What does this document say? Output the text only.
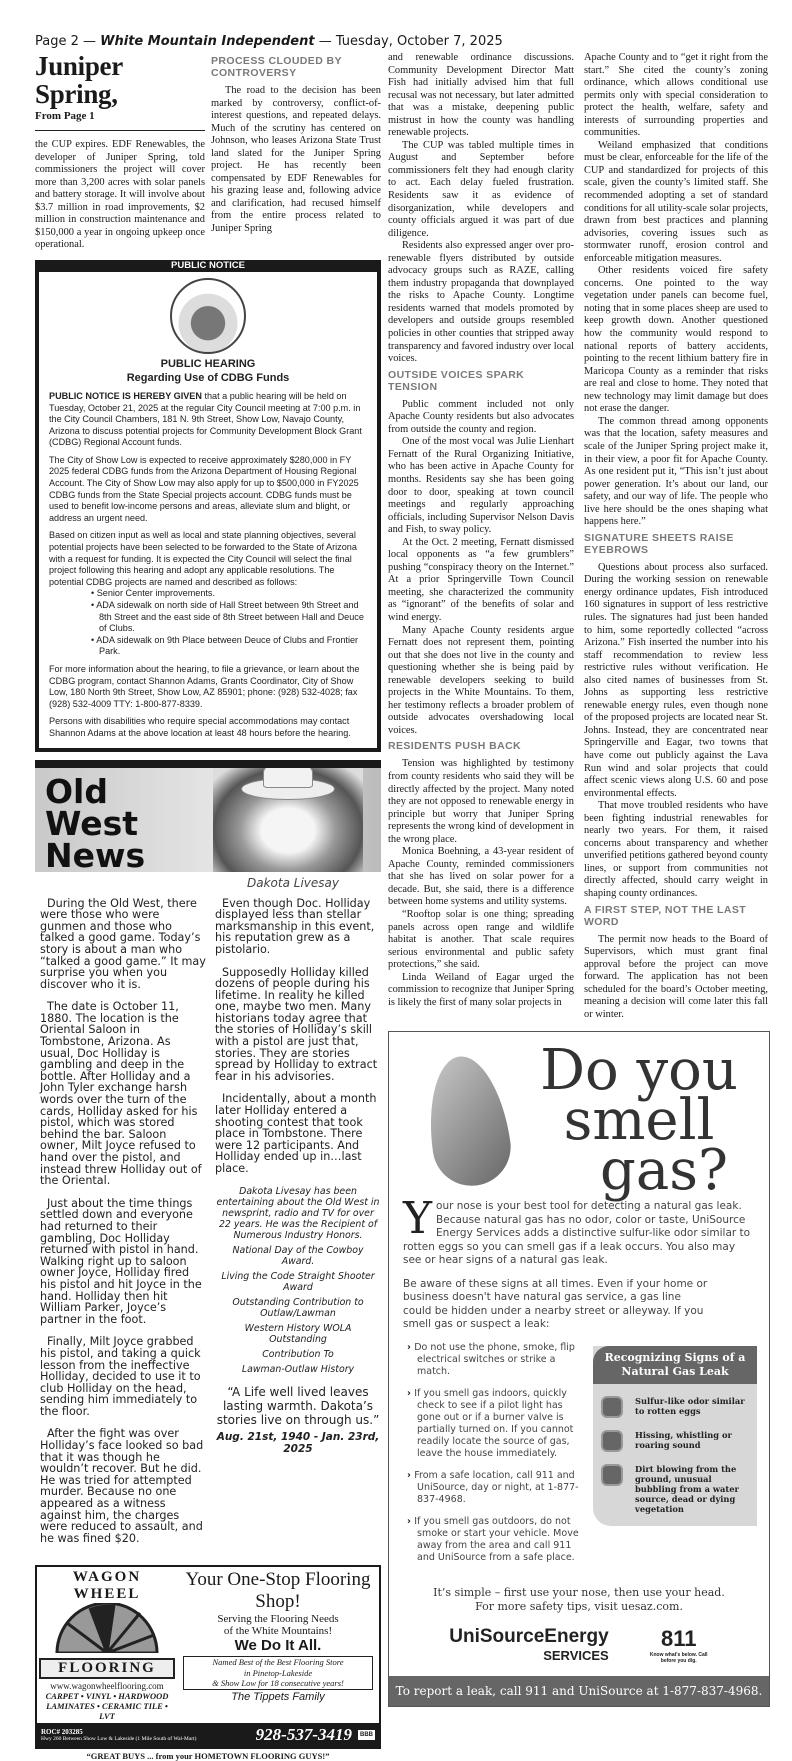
Page 2 — White Mountain Independent — Tuesday, October 7, 2025
Juniper Spring,
From Page 1

the CUP expires. EDF Renewables, the developer of Juniper Spring, told commissioners the project will cover more than 3,200 acres with solar panels and battery storage. It will involve about $3.7 million in road improvements, $2 million in construction maintenance and $150,000 a year in ongoing upkeep once operational.

PROCESS CLOUDED BY CONTROVERSY

The road to the decision has been marked by controversy, conflict-of-interest questions, and repeated delays. Much of the scrutiny has centered on Johnson, who leases Arizona State Trust land slated for the Juniper Spring project. He has recently been compensated by EDF Renewables for his grazing lease and, following advice and clarification, had recused himself from the entire process related to Juniper Spring

PUBLIC NOTICE
PUBLIC HEARING
Regarding Use of CDBG Funds

PUBLIC NOTICE IS HEREBY GIVEN that a public hearing will be held on Tuesday, October 21, 2025 at the regular City Council meeting at 7:00 p.m. in the City Council Chambers, 181 N. 9th Street, Show Low, Navajo County, Arizona to discuss potential projects for Community Development Block Grant (CDBG) Regional Account funds.

The City of Show Low is expected to receive approximately $280,000 in FY 2025 federal CDBG funds from the Arizona Department of Housing Regional Account. The City of Show Low may also apply for up to $500,000 in FY2025 CDBG funds from the State Special projects account. CDBG funds must be used to benefit low-income persons and areas, alleviate slum and blight, or address an urgent need.

Based on citizen input as well as local and state planning objectives, several potential projects have been selected to be forwarded to the State of Arizona with a request for funding. It is expected the City Council will select the final project following this hearing and adopt any applicable resolutions. The potential CDBG projects are named and described as follows:

• Senior Center improvements.
• ADA sidewalk on north side of Hall Street between 9th Street and 8th Street and the east side of 8th Street between Hall and Deuce of Clubs.
• ADA sidewalk on 9th Place between Deuce of Clubs and Frontier Park.

For more information about the hearing, to file a grievance, or learn about the CDBG program, contact Shannon Adams, Grants Coordinator, City of Show Low, 180 North 9th Street, Show Low, AZ 85901; phone: (928) 532-4028; fax (928) 532-4009 TTY: 1-800-877-8339.

Persons with disabilities who require special accommodations may contact Shannon Adams at the above location at least 48 hours before the hearing.

Old
West
News
Dakota Livesay

During the Old West, there were those who were gunmen and those who talked a good game. Today’s story is about a man who “talked a good game.” It may surprise you when you discover who it is.

The date is October 11, 1880. The location is the Oriental Saloon in Tombstone, Arizona. As usual, Doc Holliday is gambling and deep in the bottle. After Holliday and a John Tyler exchange harsh words over the turn of the cards, Holliday asked for his pistol, which was stored behind the bar. Saloon owner, Milt Joyce refused to hand over the pistol, and instead threw Holliday out of the Oriental.

Just about the time things settled down and everyone had returned to their gambling, Doc Holliday returned with pistol in hand. Walking right up to saloon owner Joyce, Holliday fired his pistol and hit Joyce in the hand. Holliday then hit William Parker, Joyce’s partner in the foot.

Finally, Milt Joyce grabbed his pistol, and taking a quick lesson from the ineffective Holliday, decided to use it to club Holliday on the head, sending him immediately to the floor.

After the fight was over Holliday’s face looked so bad that it was though he wouldn’t recover. But he did. He was tried for attempted murder. Because no one appeared as a witness against him, the charges were reduced to assault, and he was fined $20.

Even though Doc. Holliday displayed less than stellar marksmanship in this event, his reputation grew as a pistolario.

Supposedly Holliday killed dozens of people during his lifetime. In reality he killed one, maybe two men. Many historians today agree that the stories of Holliday’s skill with a pistol are just that, stories. They are stories spread by Holliday to extract fear in his advisories.

Incidentally, about a month later Holliday entered a shooting contest that took place in Tombstone. There were 12 participants. And Holliday ended up in…last place.

Dakota Livesay has been entertaining about the Old West in newsprint, radio and TV for over 22 years. He was the Recipient of Numerous Industry Honors.

National Day of the Cowboy Award.

Living the Code Straight Shooter Award

Outstanding Contribution to Outlaw/Lawman

Western History WOLA Outstanding

Contribution To

Lawman-Outlaw History

“A Life well lived leaves lasting warmth. Dakota’s stories live on through us.”
Aug. 21st, 1940 - Jan. 23rd, 2025
WAGON WHEEL
FLOORING
www.wagonwheelflooring.com
CARPET • VINYL • HARDWOOD
LAMINATES • CERAMIC TILE • LVT
Your One-Stop Flooring Shop!
Serving the Flooring Needs
of the White Mountains!
We Do It All.
Named Best of the Best Flooring Store
in Pinetop-Lakeside
& Show Low for 18 consecutive years!
The Tippets Family
ROC# 203285
Hwy 260 Between Show Low & Lakeside (1 Mile South of Wal-Mart)	928-537-3419	BBB
“GREAT BUYS ... from your HOMETOWN FLOORING GUYS!”

and renewable ordinance discussions. Community Development Director Matt Fish had initially advised him that full recusal was not necessary, but later admitted that was a mistake, deepening public mistrust in how the county was handling renewable projects.

The CUP was tabled multiple times in August and September before commissioners felt they had enough clarity to act. Each delay fueled frustration. Residents saw it as evidence of disorganization, while developers and county officials argued it was part of due diligence.

Residents also expressed anger over pro-renewable flyers distributed by outside advocacy groups such as RAZE, calling them industry propaganda that downplayed the risks to Apache County. Longtime residents warned that models promoted by developers and outside groups resembled policies in other counties that stripped away transparency and favored industry over local voices.

OUTSIDE VOICES SPARK TENSION

Public comment included not only Apache County residents but also advocates from outside the county and region.

One of the most vocal was Julie Lienhart Fernatt of the Rural Organizing Initiative, who has been active in Apache County for months. Residents say she has been going door to door, speaking at town council meetings and regularly approaching officials, including Supervisor Nelson Davis and Fish, to sway policy.

At the Oct. 2 meeting, Fernatt dismissed local opponents as “a few grumblers” pushing “conspiracy theory on the Internet.” At a prior Springerville Town Council meeting, she characterized the community as “ignorant” of the benefits of solar and wind energy.

Many Apache County residents argue Fernatt does not represent them, pointing out that she does not live in the county and questioning whether she is being paid by renewable developers seeking to build projects in the White Mountains. To them, her testimony reflects a broader problem of outside advocates overshadowing local voices.

RESIDENTS PUSH BACK

Tension was highlighted by testimony from county residents who said they will be directly affected by the project. Many noted they are not opposed to renewable energy in principle but worry that Juniper Spring represents the wrong kind of development in the wrong place.

Monica Boehning, a 43-year resident of Apache County, reminded commissioners that she has lived on solar power for a decade. But, she said, there is a difference between home systems and utility systems.

“Rooftop solar is one thing; spreading panels across open range and wildlife habitat is another. That scale requires serious environmental and public safety protections,” she said.

Linda Weiland of Eagar urged the commission to recognize that Juniper Spring is likely the first of many solar projects in

Apache County and to “get it right from the start.” She cited the county’s zoning ordinance, which allows conditional use permits only with special consideration to protect the health, welfare, safety and interests of surrounding properties and communities.

Weiland emphasized that conditions must be clear, enforceable for the life of the CUP and standardized for projects of this scale, given the county’s limited staff. She recommended adopting a set of standard conditions for all utility-scale solar projects, drawn from best practices and planning advisories, covering issues such as stormwater runoff, erosion control and enforceable mitigation measures.

Other residents voiced fire safety concerns. One pointed to the way vegetation under panels can become fuel, noting that in some places sheep are used to keep growth down. Another questioned how the community would respond to national reports of battery accidents, pointing to the recent lithium battery fire in Maricopa County as a reminder that risks are real and close to home. They noted that new technology may limit damage but does not erase the danger.

The common thread among opponents was that the location, safety measures and scale of the Juniper Spring project make it, in their view, a poor fit for Apache County. As one resident put it, “This isn’t just about power generation. It’s about our land, our safety, and our way of life. The people who live here should be the ones shaping what happens here.”

SIGNATURE SHEETS RAISE EYEBROWS

Questions about process also surfaced. During the working session on renewable energy ordinance updates, Fish introduced 160 signatures in support of less restrictive rules. The signatures had just been handed to him, some reportedly collected “across Arizona.” Fish inserted the number into his staff recommendation to review less restrictive rules without verification. He also cited names of businesses from St. Johns as supporting less restrictive renewable energy rules, even though none of the proposed projects are located near St. Johns. Instead, they are concentrated near Springerville and Eagar, two towns that have come out publicly against the Lava Run wind and solar projects that could affect scenic views along U.S. 60 and pose environmental effects.

That move troubled residents who have been fighting industrial renewables for nearly two years. For them, it raised concerns about transparency and whether unverified petitions gathered beyond county lines, or support from communities not directly affected, should carry weight in shaping county ordinances.

A FIRST STEP, NOT THE LAST WORD

The permit now heads to the Board of Supervisors, which must grant final approval before the project can move forward. The application has not been scheduled for the board’s October meeting, meaning a decision will come later this fall or winter.

Do you
smell
gas?
Your nose is your best tool for detecting a natural gas leak. Because natural gas has no odor, color or taste, UniSource Energy Services adds a distinctive sulfur-like odor similar to rotten eggs so you can smell gas if a leak occurs. You also may see or hear signs of a natural gas leak.
Be aware of these signs at all times. Even if your home or business doesn't have natural gas service, a gas line could be hidden under a nearby street or alleyway. If you smell gas or suspect a leak:

› Do not use the phone, smoke, flip electrical switches or strike a match.

› If you smell gas indoors, quickly check to see if a pilot light has gone out or if a burner valve is partially turned on. If you cannot readily locate the source of gas, leave the house immediately.

› From a safe location, call 911 and UniSource, day or night, at 1-877-837-4968.

› If you smell gas outdoors, do not smoke or start your vehicle. Move away from the area and call 911 and UniSource from a safe place.

Recognizing Signs of a Natural Gas Leak
Sulfur-like odor similar to rotten eggs
Hissing, whistling or roaring sound
Dirt blowing from the ground, unusual bubbling from a water source, dead or dying vegetation
It’s simple – first use your nose, then use your head.
For more safety tips, visit uesaz.com.
UniSourceEnergy
SERVICES
811
Know what's below. Call before you dig.
To report a leak, call 911 and UniSource at 1-877-837-4968.
